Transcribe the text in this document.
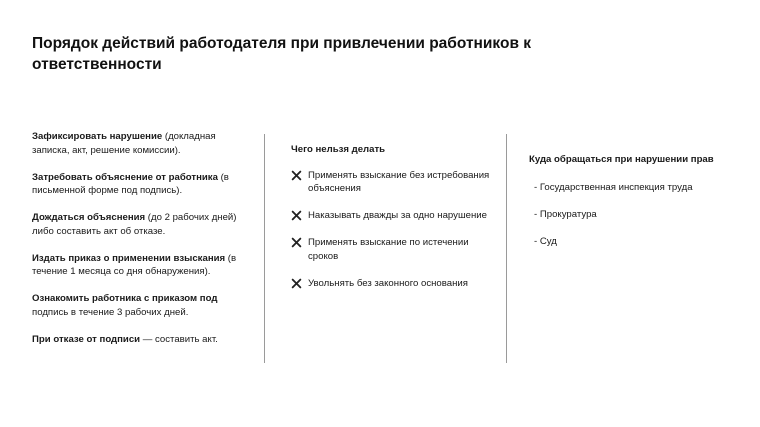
Порядок действий работодателя при привлечении работников к ответственности

Зафиксировать нарушение (докладная записка, акт, решение комиссии).

Затребовать объяснение от работника (в письменной форме под подпись).

Дождаться объяснения (до 2 рабочих дней) либо составить акт об отказе.

Издать приказ о применении взыскания (в течение 1 месяца со дня обнаружения).

Ознакомить работника с приказом под подпись в течение 3 рабочих дней.

При отказе от подписи — составить акт.

Чего нельзя делать
Применять взыскание без истребования объяснения
Наказывать дважды за одно нарушение
Применять взыскание по истечении сроков
Увольнять без законного основания
Куда обращаться при нарушении прав
- Государственная инспекция труда
- Прокуратура
- Суд
